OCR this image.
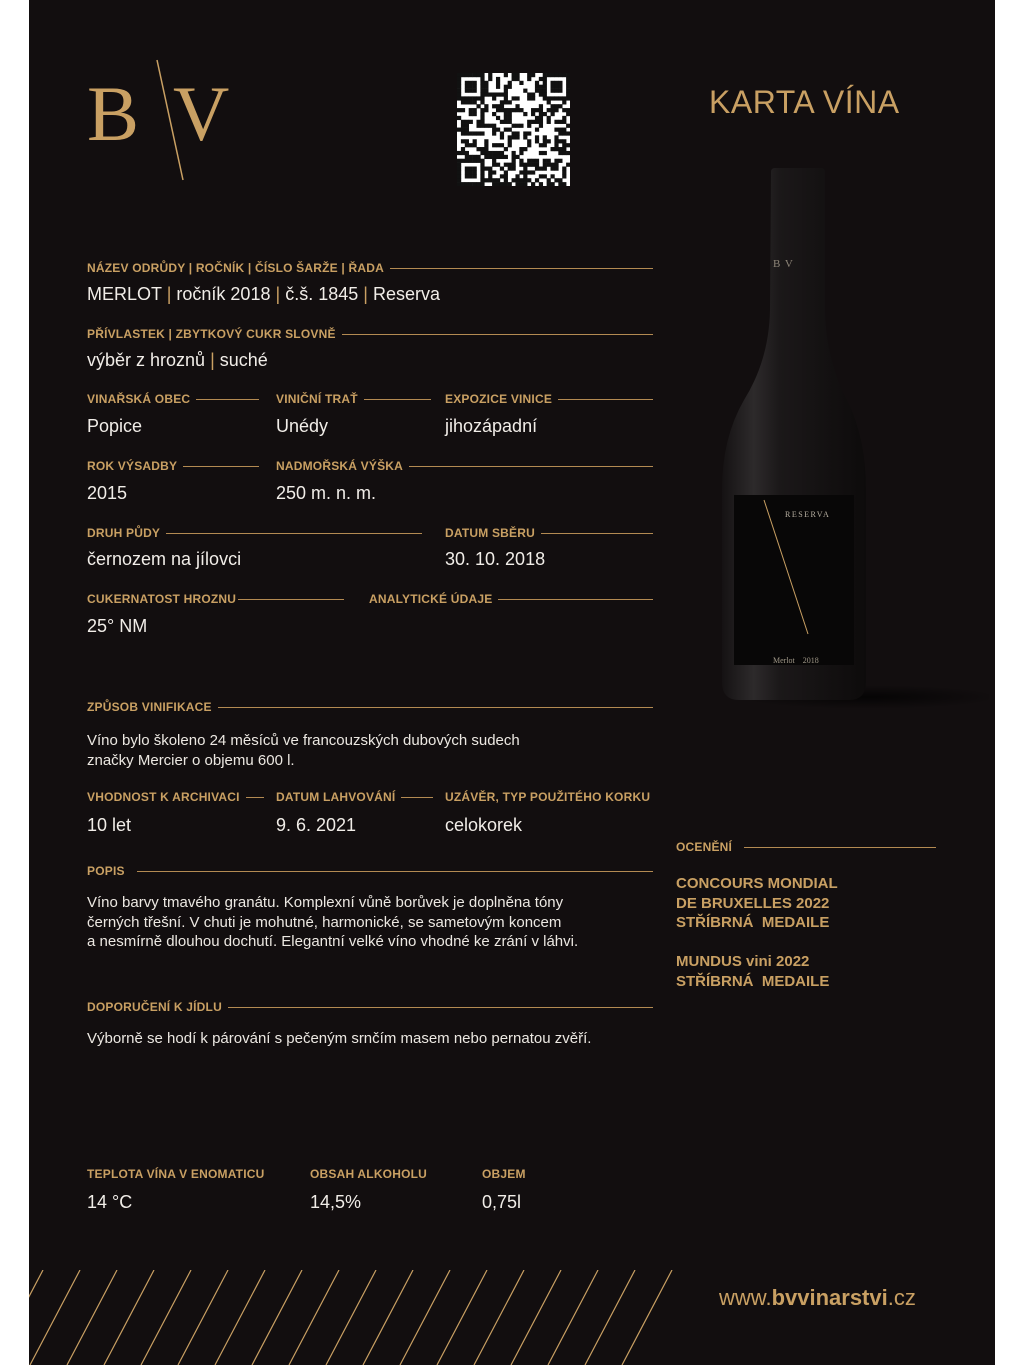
B V	KARTA VÍNA
NÁZEV ODRŮDY | ROČNÍK | ČÍSLO ŠARŽE | ŘADA
MERLOT | ročník 2018 | č.š. 1845 | Reserva
PŘÍVLASTEK | ZBYTKOVÝ CUKR SLOVNĚ
výběr z hroznů | suché
VINAŘSKÁ OBEC
Popice
VINIČNÍ TRAŤ
Unédy
EXPOZICE VINICE
jihozápadní
ROK VÝSADBY
2015
NADMOŘSKÁ VÝŠKA
250 m. n. m.
DRUH PŮDY
černozem na jílovci
DATUM SBĚRU
30. 10. 2018
CUKERNATOST HROZNU
25° NM
ANALYTICKÉ ÚDAJE
ZPŮSOB VINIFIKACE
Víno bylo školeno 24 měsíců ve francouzských dubových sudech
značky Mercier o objemu 600 l.
VHODNOST K ARCHIVACI
10 let
DATUM LAHVOVÁNÍ
9. 6. 2021
UZÁVĚR, TYP POUŽITÉHO KORKU
celokorek
POPIS
Víno barvy tmavého granátu. Komplexní vůně borůvek je doplněna tóny
černých třešní. V chuti je mohutné, harmonické, se sametovým koncem
a nesmírně dlouhou dochutí. Elegantní velké víno vhodné ke zrání v láhvi.
DOPORUČENÍ K JÍDLU
Výborně se hodí k párování s pečeným srnčím masem nebo pernatou zvěří.
TEPLOTA VÍNA V ENOMATICU
14 °C
OBSAH ALKOHOLU
14,5%
OBJEM
0,75l
B V
RESERVA
Merlot    2018
OCENĚNÍ
CONCOURS MONDIAL
DE BRUXELLES 2022
STŘÍBRNÁ  MEDAILE
MUNDUS vini 2022
STŘÍBRNÁ  MEDAILE
www.bvvinarstvi.cz
